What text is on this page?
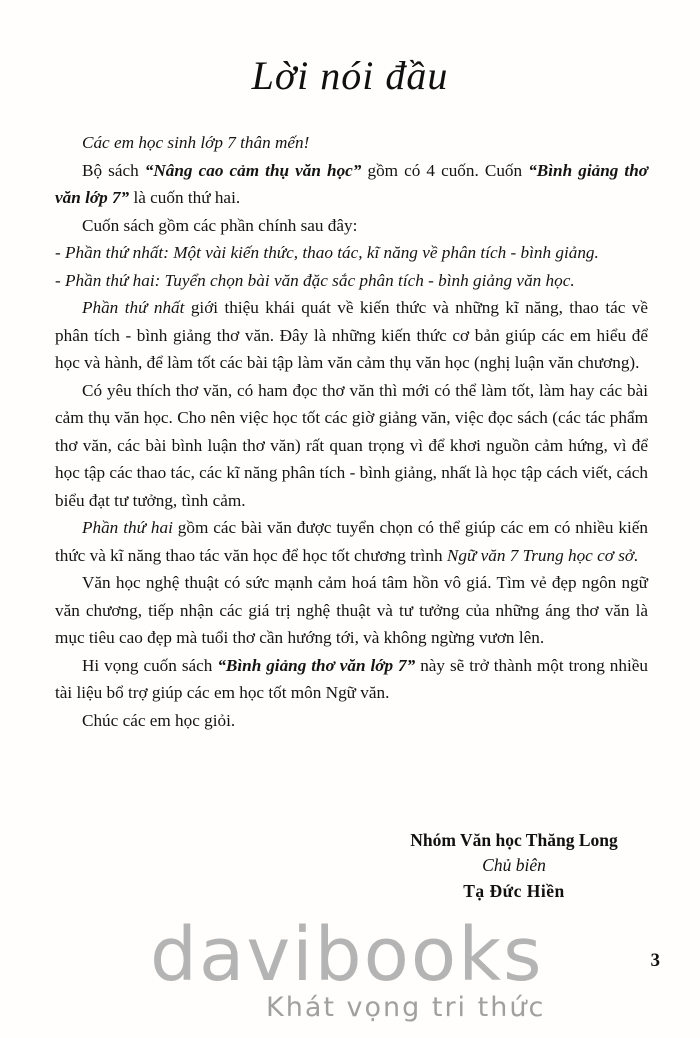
Lời nói đầu

Các em học sinh lớp 7 thân mến!

Bộ sách “Nâng cao cảm thụ văn học” gồm có 4 cuốn. Cuốn “Bình giảng thơ văn lớp 7” là cuốn thứ hai.

Cuốn sách gồm các phần chính sau đây:

- Phần thứ nhất: Một vài kiến thức, thao tác, kĩ năng về phân tích - bình giảng.

- Phần thứ hai: Tuyển chọn bài văn đặc sắc phân tích - bình giảng văn học.

Phần thứ nhất giới thiệu khái quát về kiến thức và những kĩ năng, thao tác về phân tích - bình giảng thơ văn. Đây là những kiến thức cơ bản giúp các em hiểu để học và hành, để làm tốt các bài tập làm văn cảm thụ văn học (nghị luận văn chương).

Có yêu thích thơ văn, có ham đọc thơ văn thì mới có thể làm tốt, làm hay các bài cảm thụ văn học. Cho nên việc học tốt các giờ giảng văn, việc đọc sách (các tác phẩm thơ văn, các bài bình luận thơ văn) rất quan trọng vì để khơi nguồn cảm hứng, vì để học tập các thao tác, các kĩ năng phân tích - bình giảng, nhất là học tập cách viết, cách biểu đạt tư tưởng, tình cảm.

Phần thứ hai gồm các bài văn được tuyển chọn có thể giúp các em có nhiều kiến thức và kĩ năng thao tác văn học để học tốt chương trình Ngữ văn 7 Trung học cơ sở.

Văn học nghệ thuật có sức mạnh cảm hoá tâm hồn vô giá. Tìm vẻ đẹp ngôn ngữ văn chương, tiếp nhận các giá trị nghệ thuật và tư tưởng của những áng thơ văn là mục tiêu cao đẹp mà tuổi thơ cần hướng tới, và không ngừng vươn lên.

Hi vọng cuốn sách “Bình giảng thơ văn lớp 7” này sẽ trở thành một trong nhiều tài liệu bổ trợ giúp các em học tốt môn Ngữ văn.

Chúc các em học giỏi.

Nhóm Văn học Thăng Long
Chủ biên
Tạ Đức Hiền
davibooks
Khát vọng tri thức
3
